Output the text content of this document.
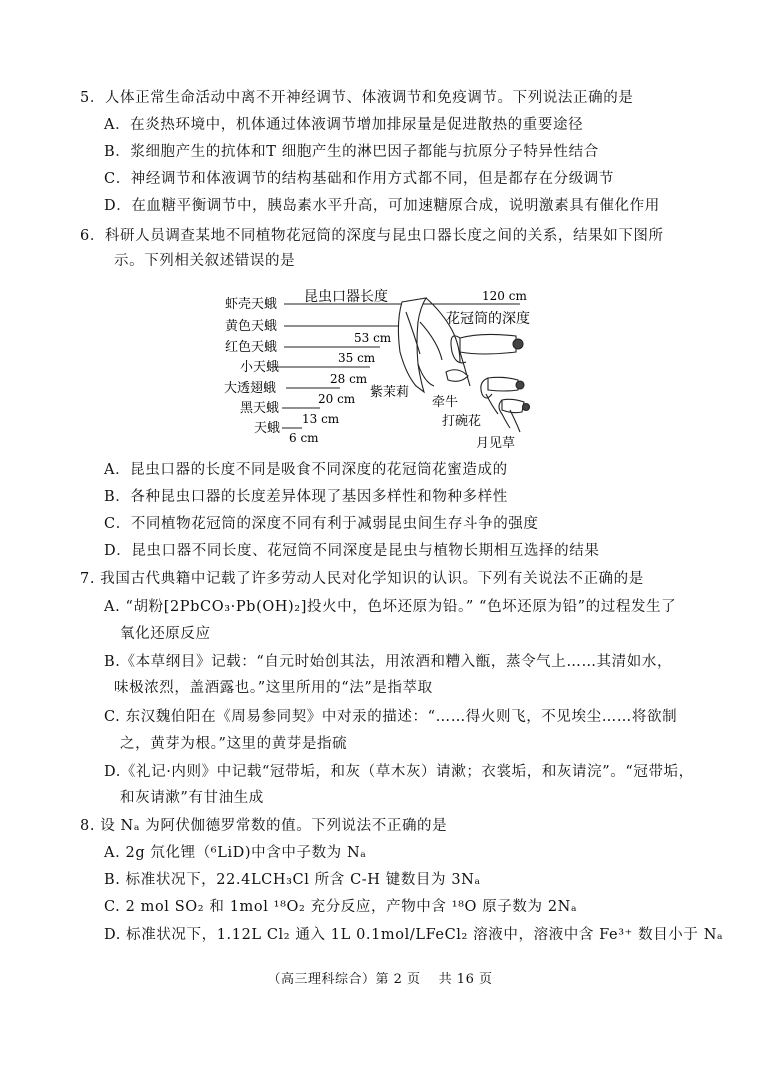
5．人体正常生命活动中离不开神经调节、体液调节和免疫调节。下列说法正确的是
A．在炎热环境中，机体通过体液调节增加排尿量是促进散热的重要途径
B．浆细胞产生的抗体和T 细胞产生的淋巴因子都能与抗原分子特异性结合
C．神经调节和体液调节的结构基础和作用方式都不同，但是都存在分级调节
D．在血糖平衡调节中，胰岛素水平升高，可加速糖原合成，说明激素具有催化作用
6．科研人员调查某地不同植物花冠筒的深度与昆虫口器长度之间的关系，结果如下图所
示。下列相关叙述错误的是
昆虫口器长度
花冠筒的深度
虾壳天蛾
黄色天蛾
红色天蛾
小天蛾
大透翅蛾
黑天蛾
天蛾
120 cm
53 cm
35 cm
28 cm
20 cm
13 cm
6 cm
紫茉莉
牵牛
打碗花
月见草
A．昆虫口器的长度不同是吸食不同深度的花冠筒花蜜造成的
B．各种昆虫口器的长度差异体现了基因多样性和物种多样性
C．不同植物花冠筒的深度不同有利于减弱昆虫间生存斗争的强度
D．昆虫口器不同长度、花冠筒不同深度是昆虫与植物长期相互选择的结果
7. 我国古代典籍中记载了许多劳动人民对化学知识的认识。下列有关说法不正确的是
A. “胡粉[2PbCO₃·Pb(OH)₂]投火中，色坏还原为铅。” “色坏还原为铅”的过程发生了
氧化还原反应
B.《本草纲目》记载：“自元时始创其法，用浓酒和糟入甑，蒸令气上……其清如水，
味极浓烈，盖酒露也。”这里所用的“法”是指萃取
C. 东汉魏伯阳在《周易参同契》中对汞的描述：“……得火则飞，不见埃尘……将欲制
之，黄芽为根。”这里的黄芽是指硫
D.《礼记·内则》中记载“冠带垢，和灰（草木灰）请漱；衣裳垢，和灰请浣”。“冠带垢，
和灰请漱”有甘油生成
8. 设 Nₐ 为阿伏伽德罗常数的值。下列说法不正确的是
A. 2g 氘化锂（⁶LiD)中含中子数为 Nₐ
B. 标准状况下，22.4LCH₃Cl 所含 C-H 键数目为 3Nₐ
C. 2 mol SO₂ 和 1mol ¹⁸O₂ 充分反应，产物中含 ¹⁸O 原子数为 2Nₐ
D. 标准状况下，1.12L Cl₂ 通入 1L 0.1mol/LFeCl₂ 溶液中，溶液中含 Fe³⁺ 数目小于 Nₐ
（高三理科综合）第 2 页　 共 16 页
